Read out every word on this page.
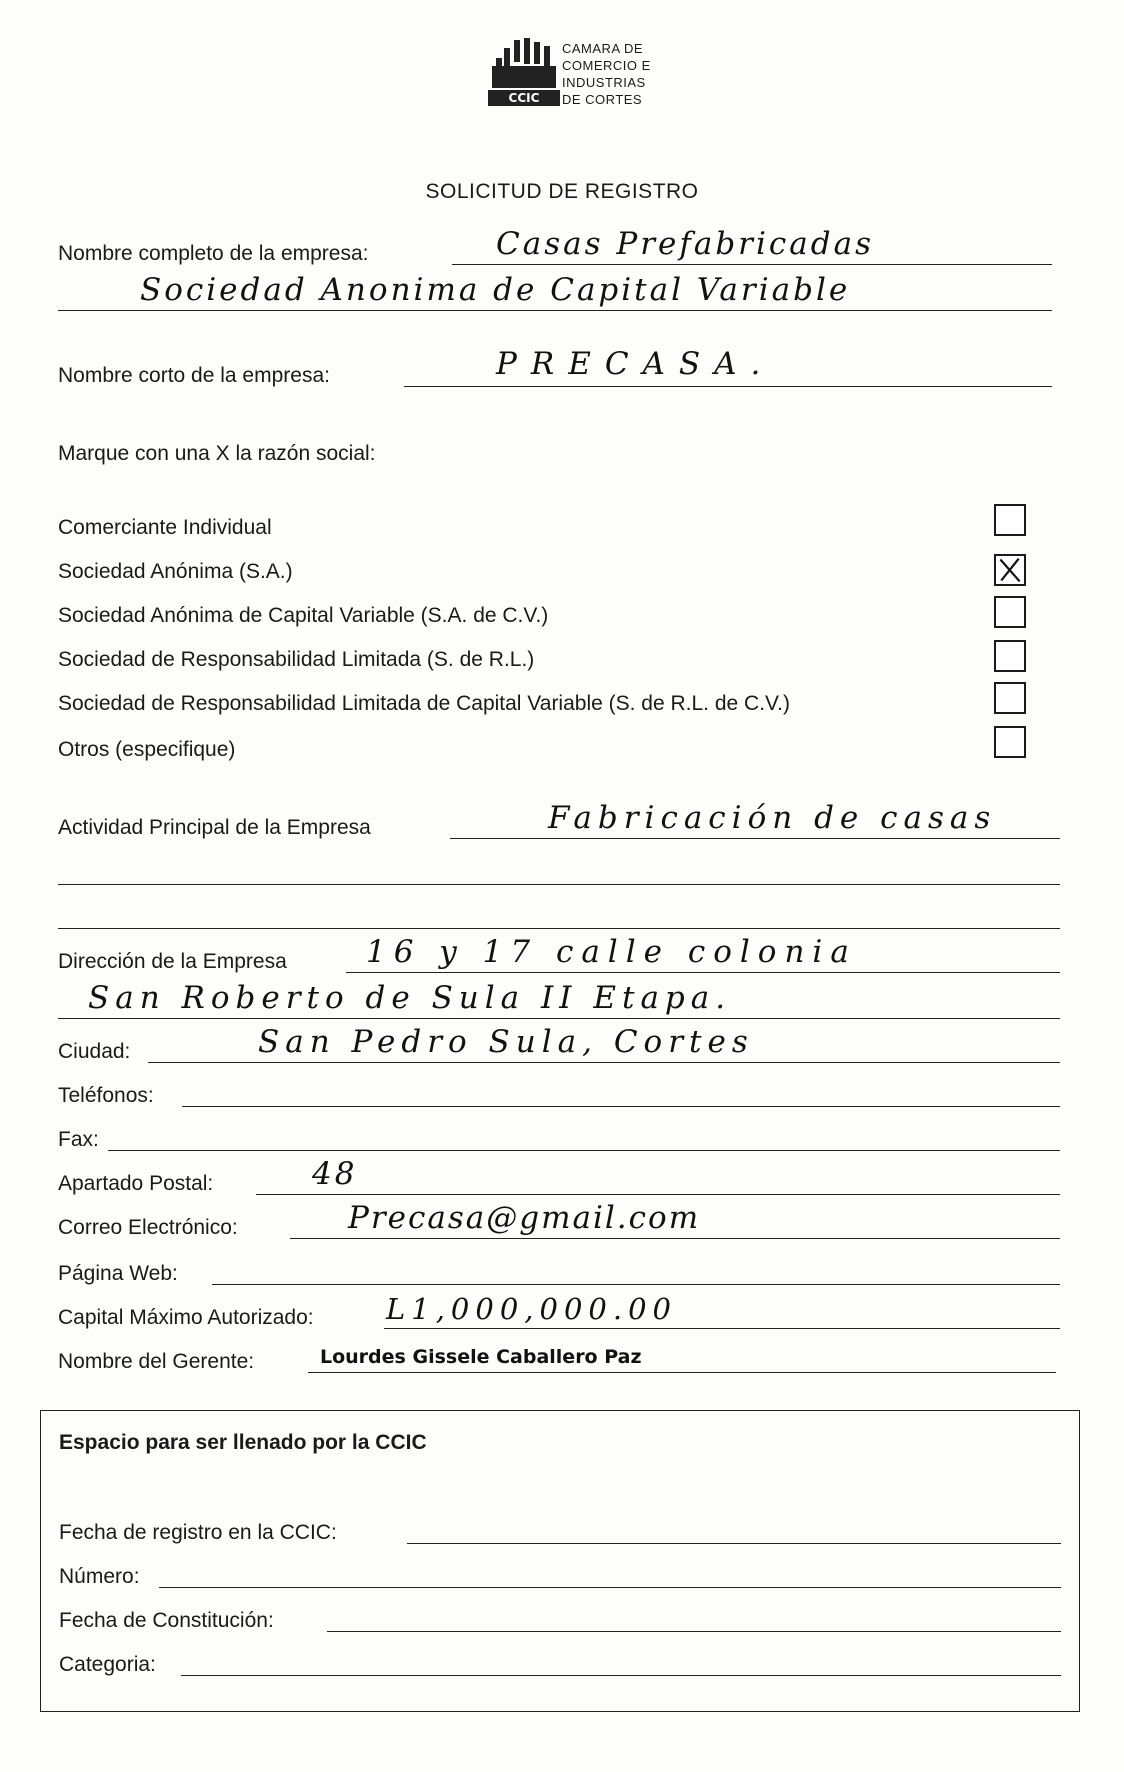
CCIC
CAMARA DE
COMERCIO E
INDUSTRIAS
DE CORTES
SOLICITUD DE REGISTRO
Nombre completo de la empresa:	Casas Prefabricadas
Sociedad Anonima de Capital Variable
Nombre corto de la empresa:	PRECASA.
Marque con una X la razón social:
Comerciante Individual
Sociedad Anónima (S.A.)
Sociedad Anónima de Capital Variable (S.A. de C.V.)
Sociedad de Responsabilidad Limitada (S. de R.L.)
Sociedad de Responsabilidad Limitada de Capital Variable (S. de R.L. de C.V.)
Otros (especifique)
Actividad Principal de la Empresa	Fabricación de casas
Dirección de la Empresa	16 y 17 calle colonia
San Roberto de Sula II Etapa.
Ciudad:	San Pedro Sula, Cortes
Teléfonos:
Fax:
Apartado Postal:	48
Correo Electrónico:	Precasa@gmail.com
Página Web:
Capital Máximo Autorizado: L1,000,000.00
Nombre del Gerente:	Lourdes Gissele Caballero Paz
Espacio para ser llenado por la CCIC
Fecha de registro en la CCIC:
Número:
Fecha de Constitución:
Categoria:
